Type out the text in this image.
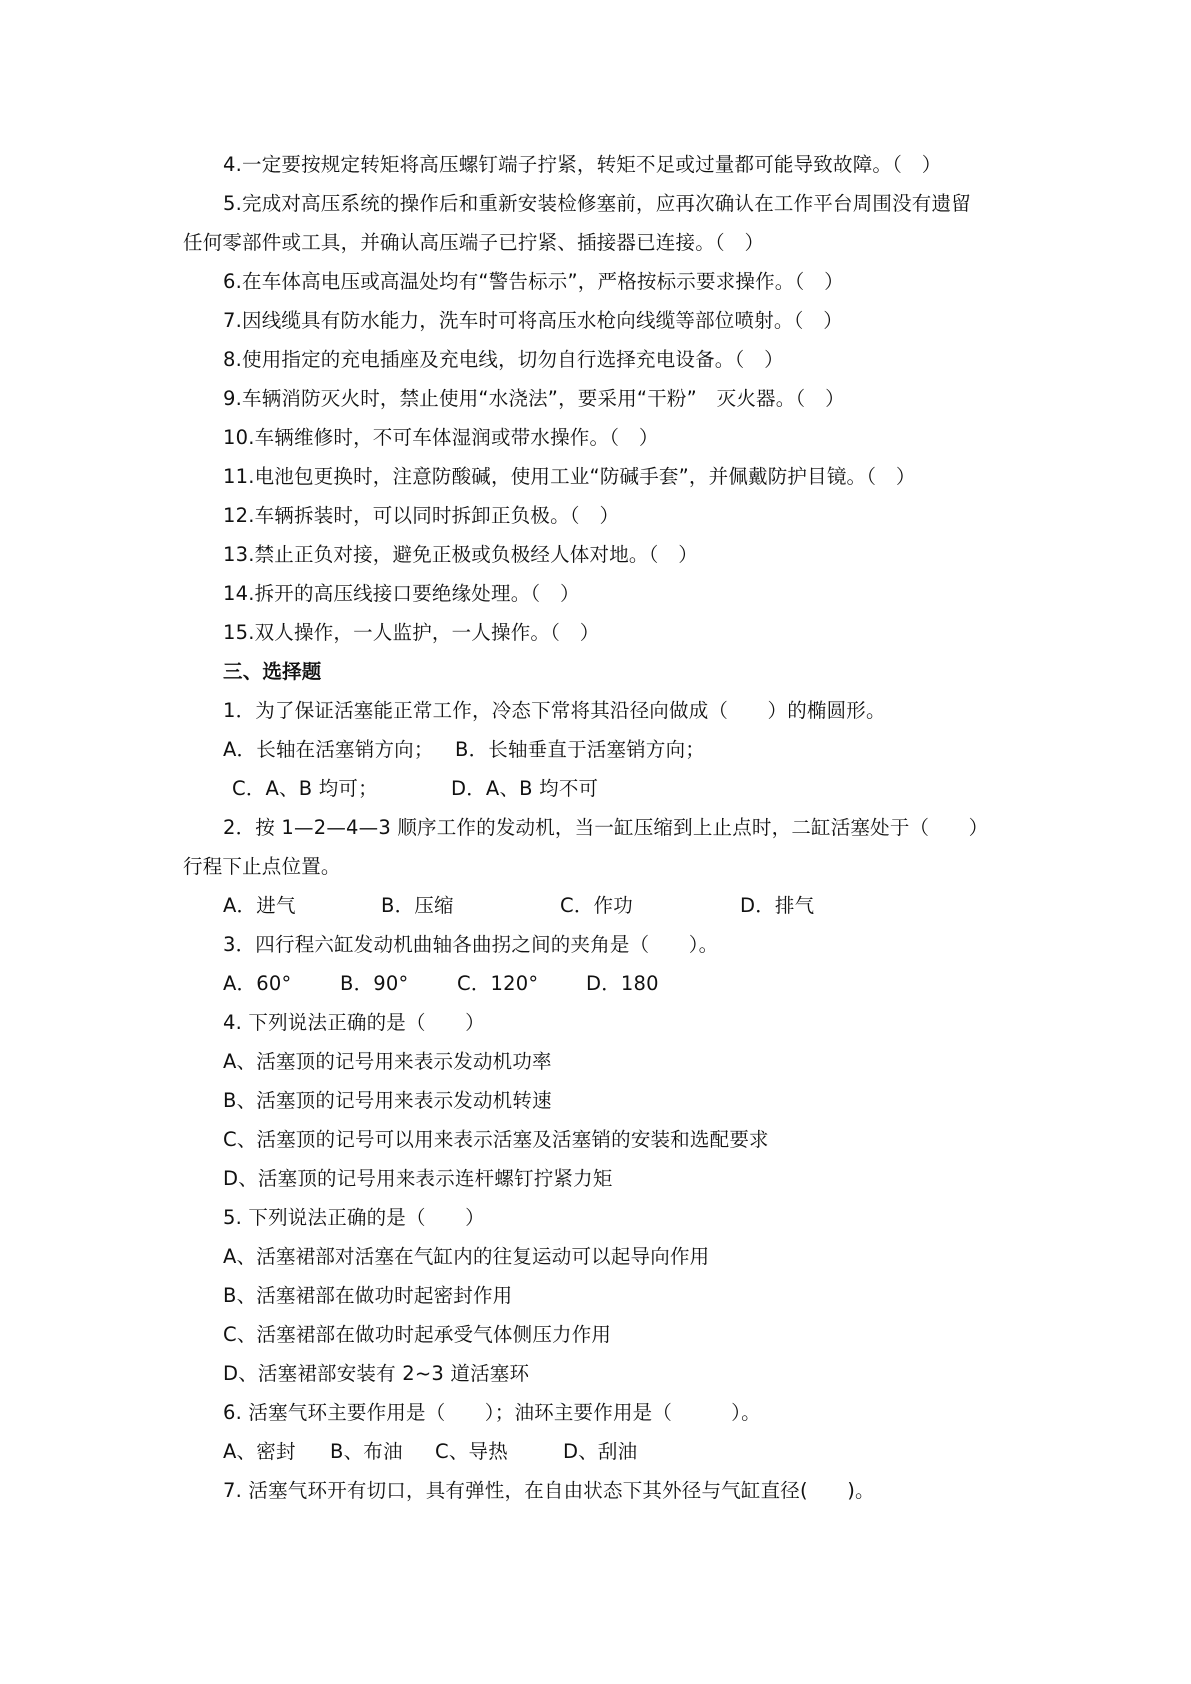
4.一定要按规定转矩将高压螺钉端子拧紧，转矩不足或过量都可能导致故障。（　）
5.完成对高压系统的操作后和重新安装检修塞前，应再次确认在工作平台周围没有遗留
任何零部件或工具，并确认高压端子已拧紧、插接器已连接。（　）
6.在车体高电压或高温处均有“警告标示”，严格按标示要求操作。（　）
7.因线缆具有防水能力，洗车时可将高压水枪向线缆等部位喷射。（　）
8.使用指定的充电插座及充电线，切勿自行选择充电设备。（　）
9.车辆消防灭火时，禁止使用“水浇法”，要采用“干粉”　灭火器。（　）
10.车辆维修时，不可车体湿润或带水操作。（　）
11.电池包更换时，注意防酸碱，使用工业“防碱手套”，并佩戴防护目镜。（　）
12.车辆拆装时，可以同时拆卸正负极。（　）
13.禁止正负对接，避免正极或负极经人体对地。（　）
14.拆开的高压线接口要绝缘处理。（　）
15.双人操作，一人监护，一人操作。（　）
三、选择题
1．为了保证活塞能正常工作，冷态下常将其沿径向做成（　　）的椭圆形。
A．长轴在活塞销方向； B．长轴垂直于活塞销方向；
C．A、B 均可；	D．A、B 均不可
2．按 1—2—4—3 顺序工作的发动机，当一缸压缩到上止点时，二缸活塞处于（　　）
行程下止点位置。
A．进气	B．压缩	C．作功	D．排气
3．四行程六缸发动机曲轴各曲拐之间的夹角是（　　）。
A．60° B．90° C．120° D．180
4. 下列说法正确的是（　　）
A、活塞顶的记号用来表示发动机功率
B、活塞顶的记号用来表示发动机转速
C、活塞顶的记号可以用来表示活塞及活塞销的安装和选配要求
D、活塞顶的记号用来表示连杆螺钉拧紧力矩
5. 下列说法正确的是（　　）
A、活塞裙部对活塞在气缸内的往复运动可以起导向作用
B、活塞裙部在做功时起密封作用
C、活塞裙部在做功时起承受气体侧压力作用
D、活塞裙部安装有 2~3 道活塞环
6. 活塞气环主要作用是（　　）；油环主要作用是（　　　）。
A、密封 B、布油 C、导热	D、刮油
7. 活塞气环开有切口，具有弹性，在自由状态下其外径与气缸直径(　　)。
